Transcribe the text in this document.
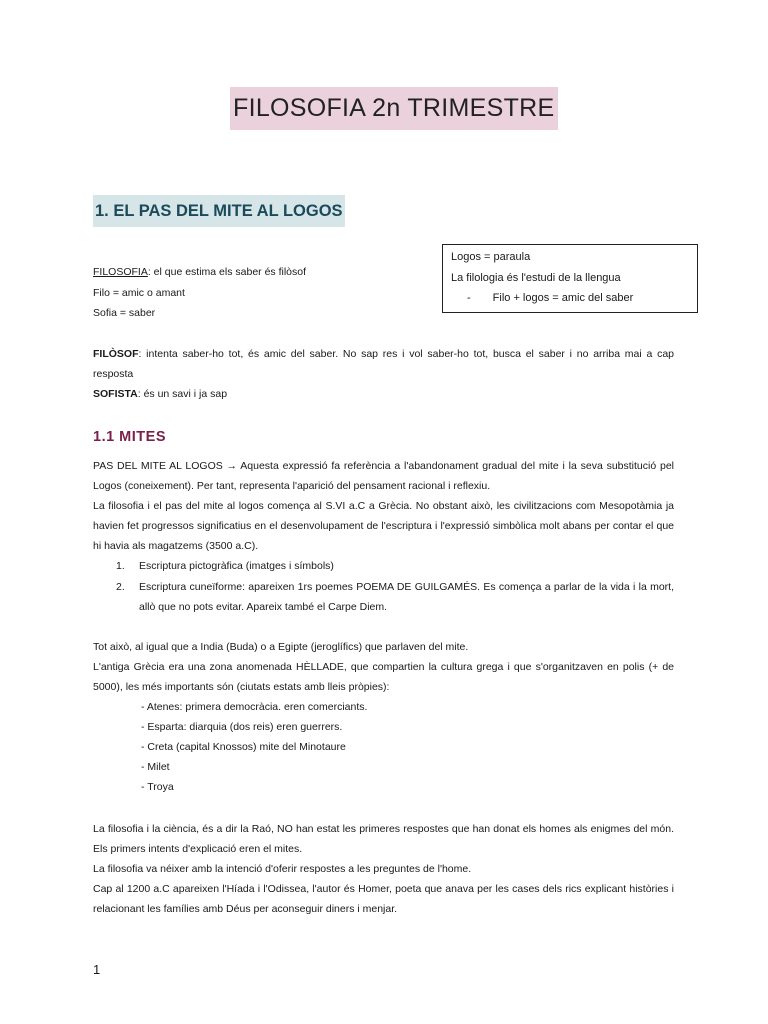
FILOSOFIA 2n TRIMESTRE
1. EL PAS DEL MITE AL LOGOS
Logos = paraula
La filologia és l'estudi de la llengua
- Filo + logos = amic del saber
FILOSOFIA: el que estima els saber és filòsof
Filo = amic o amant
Sofia = saber
FILÒSOF: intenta saber-ho tot, és amic del saber. No sap res i vol saber-ho tot, busca el saber i no arriba mai a cap resposta
SOFISTA: és un savi i ja sap
1.1 MITES
PAS DEL MITE AL LOGOS → Aquesta expressió fa referència a l'abandonament gradual del mite i la seva substitució pel Logos (coneixement). Per tant, representa l'aparició del pensament racional i reflexiu.
La filosofia i el pas del mite al logos comença al S.VI a.C a Grècia. No obstant això, les civilitzacions com Mesopotàmia ja havien fet progressos significatius en el desenvolupament de l'escriptura i l'expressió simbòlica molt abans per contar el que hi havia als magatzems (3500 a.C).
1. Escriptura pictogràfica (imatges i símbols)
2. Escriptura cuneïforme: apareixen 1rs poemes POEMA DE GUILGAMÉS. Es comença a parlar de la vida i la mort, allò que no pots evitar. Apareix també el Carpe Diem.
Tot això, al igual que a India (Buda) o a Egipte (jeroglífics) que parlaven del mite.
L'antiga Grècia era una zona anomenada HÈLLADE, que compartien la cultura grega i que s'organitzaven en polis (+ de 5000), les més importants són (ciutats estats amb lleis pròpies):
- Atenes: primera democràcia. eren comerciants.
- Esparta: diarquia (dos reis) eren guerrers.
- Creta (capital Knossos) mite del Minotaure
- Milet
- Troya
La filosofia i la ciència, és a dir la Raó, NO han estat les primeres respostes que han donat els homes als enigmes del món. Els primers intents d'explicació eren el mites.
La filosofia va néixer amb la intenció d'oferir respostes a les preguntes de l'home.
Cap al 1200 a.C apareixen l'Híada i l'Odissea, l'autor és Homer, poeta que anava per les cases dels rics explicant històries i relacionant les famílies amb Déus per aconseguir diners i menjar.
1
